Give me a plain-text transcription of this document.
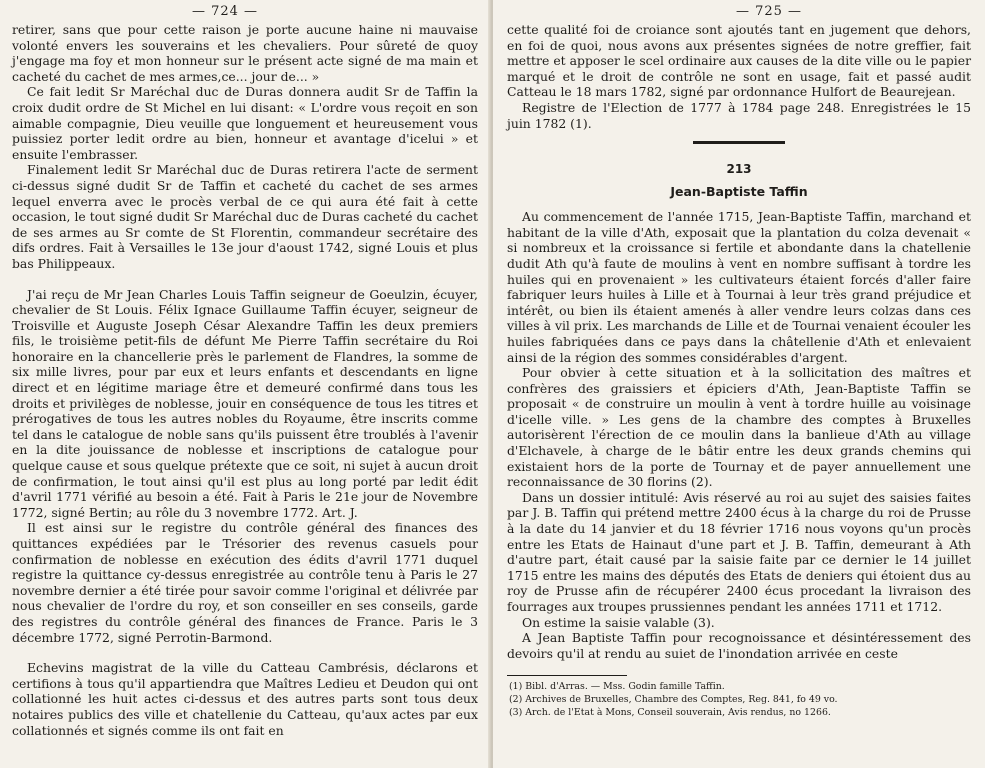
— 724 —

retirer, sans que pour cette raison je porte aucune haine ni mauvaise volonté envers les souverains et les chevaliers. Pour sûreté de quoy j'engage ma foy et mon honneur sur le présent acte signé de ma main et cacheté du cachet de mes armes,ce... jour de... »

Ce fait ledit Sr Maréchal duc de Duras donnera audit Sr de Taffin la croix dudit ordre de St Michel en lui disant: « L'ordre vous reçoit en son aimable compagnie, Dieu veuille que longuement et heureusement vous puissiez porter ledit ordre au bien, honneur et avantage d'icelui » et ensuite l'embrasser.

Finalement ledit Sr Maréchal duc de Duras retirera l'acte de serment ci-dessus signé dudit Sr de Taffin et cacheté du cachet de ses armes lequel enverra avec le procès verbal de ce qui aura été fait à cette occasion, le tout signé dudit Sr Maréchal duc de Duras cacheté du cachet de ses armes au Sr comte de St Florentin, commandeur secrétaire des difs ordres. Fait à Versailles le 13e jour d'aoust 1742, signé Louis et plus bas Philippeaux.

J'ai reçu de Mr Jean Charles Louis Taffin seigneur de Goeulzin, écuyer, chevalier de St Louis. Félix Ignace Guillaume Taffin écuyer, seigneur de Troisville et Auguste Joseph César Alexandre Taffin les deux premiers fils, le troisième petit-fils de défunt Me Pierre Taffin secrétaire du Roi honoraire en la chancellerie près le parlement de Flandres, la somme de six mille livres, pour par eux et leurs enfants et descendants en ligne direct et en légitime mariage être et demeuré confirmé dans tous les droits et privilèges de noblesse, jouir en conséquence de tous les titres et prérogatives de tous les autres nobles du Royaume, être inscrits comme tel dans le catalogue de noble sans qu'ils puissent être troublés à l'avenir en la dite jouissance de noblesse et inscriptions de catalogue pour quelque cause et sous quelque prétexte que ce soit, ni sujet à aucun droit de confirmation, le tout ainsi qu'il est plus au long porté par ledit édit d'avril 1771 vérifié au besoin a été. Fait à Paris le 21e jour de Novembre 1772, signé Bertin; au rôle du 3 novembre 1772. Art. J.

Il est ainsi sur le registre du contrôle général des finances des quittances expédiées par le Trésorier des revenus casuels pour confirmation de noblesse en exécution des édits d'avril 1771 duquel registre la quittance cy-dessus enregistrée au contrôle tenu à Paris le 27 novembre dernier a été tirée pour savoir comme l'original et délivrée par nous chevalier de l'ordre du roy, et son conseiller en ses conseils, garde des registres du contrôle général des finances de France. Paris le 3 décembre 1772, signé Perrotin-Barmond.

Echevins magistrat de la ville du Catteau Cambrésis, déclarons et certifions à tous qu'il appartiendra que Maîtres Ledieu et Deudon qui ont collationné les huit actes ci-dessus et des autres parts sont tous deux notaires publics des ville et chatellenie du Catteau, qu'aux actes par eux collationnés et signés comme ils ont fait en

— 725 —

cette qualité foi de croiance sont ajoutés tant en jugement que dehors, en foi de quoi, nous avons aux présentes signées de notre greffier, fait mettre et apposer le scel ordinaire aux causes de la dite ville ou le papier marqué et le droit de contrôle ne sont en usage, fait et passé audit Catteau le 18 mars 1782, signé par ordonnance Hulfort de Beaurejean.

Registre de l'Election de 1777 à 1784 page 248. Enregistrées le 15 juin 1782 (1).

213
Jean-Baptiste Taffin

Au commencement de l'année 1715, Jean-Baptiste Taffin, marchand et habitant de la ville d'Ath, exposait que la plantation du colza devenait « si nombreux et la croissance si fertile et abondante dans la chatellenie dudit Ath qu'à faute de moulins à vent en nombre suffisant à tordre les huiles qui en provenaient » les cultivateurs étaient forcés d'aller faire fabriquer leurs huiles à Lille et à Tournai à leur très grand préjudice et intérêt, ou bien ils étaient amenés à aller vendre leurs colzas dans ces villes à vil prix. Les marchands de Lille et de Tournai venaient écouler les huiles fabriquées dans ce pays dans la châtellenie d'Ath et enlevaient ainsi de la région des sommes considérables d'argent.

Pour obvier à cette situation et à la sollicitation des maîtres et confrères des graissiers et épiciers d'Ath, Jean-Baptiste Taffin se proposait « de construire un moulin à vent à tordre huille au voisinage d'icelle ville. » Les gens de la chambre des comptes à Bruxelles autorisèrent l'érection de ce moulin dans la banlieue d'Ath au village d'Elchavele, à charge de le bâtir entre les deux grands chemins qui existaient hors de la porte de Tournay et de payer annuellement une reconnaissance de 30 florins (2).

Dans un dossier intitulé: Avis réservé au roi au sujet des saisies faites par J. B. Taffin qui prétend mettre 2400 écus à la charge du roi de Prusse à la date du 14 janvier et du 18 février 1716 nous voyons qu'un procès entre les Etats de Hainaut d'une part et J. B. Taffin, demeurant à Ath d'autre part, était causé par la saisie faite par ce dernier le 14 juillet 1715 entre les mains des députés des Etats de deniers qui étoient dus au roy de Prusse afin de récupérer 2400 écus procedant la livraison des fourrages aux troupes prussiennes pendant les années 1711 et 1712.

On estime la saisie valable (3).

A Jean Baptiste Taffin pour recognoissance et désintéressement des devoirs qu'il at rendu au suiet de l'inondation arrivée en ceste

(1) Bibl. d'Arras. — Mss. Godin famille Taffin.

(2) Archives de Bruxelles, Chambre des Comptes, Reg. 841, fo 49 vo.

(3) Arch. de l'Etat à Mons, Conseil souverain, Avis rendus, no 1266.
